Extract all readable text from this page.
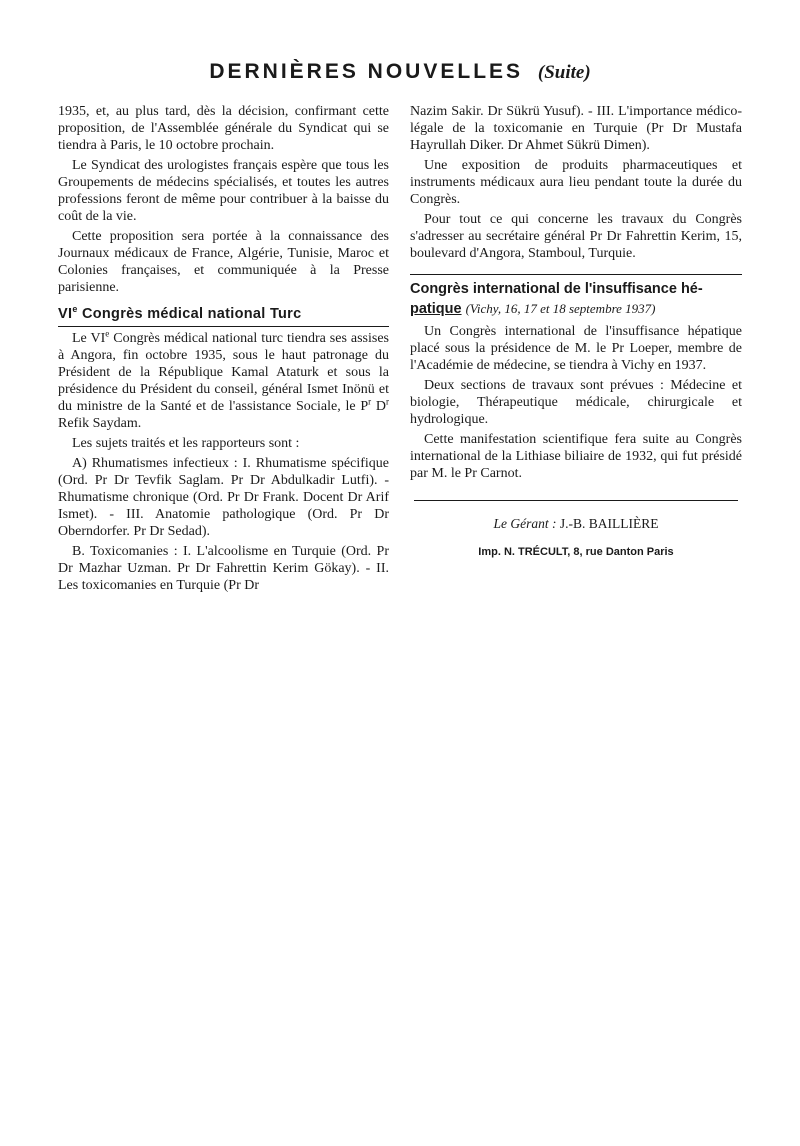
DERNIÈRES NOUVELLES (Suite)

1935, et, au plus tard, dès la décision, confirmant cette proposition, de l'Assemblée générale du Syndicat qui se tiendra à Paris, le 10 octobre prochain.

Le Syndicat des urologistes français espère que tous les Groupements de médecins spécialisés, et toutes les autres professions feront de même pour contribuer à la baisse du coût de la vie.

Cette proposition sera portée à la connaissance des Journaux médicaux de France, Algérie, Tunisie, Maroc et Colonies françaises, et communiquée à la Presse parisienne.

VIe Congrès médical national Turc

Le VIe Congrès médical national turc tiendra ses assises à Angora, fin octobre 1935, sous le haut patronage du Président de la République Kamal Ataturk et sous la présidence du Président du conseil, général Ismet Inönü et du ministre de la Santé et de l'assistance Sociale, le $P^r$ $D^r$ Refik Saydam.

Les sujets traités et les rapporteurs sont :

A) Rhumatismes infectieux : I. Rhumatisme spécifique (Ord. Pr Dr Tevfik Saglam. Pr Dr Abdulkadir Lutfi). - Rhumatisme chronique (Ord. Pr Dr Frank. Docent Dr Arif Ismet). - III. Anatomie pathologique (Ord. Pr Dr Oberndorfer. Pr Dr Sedad).

B. Toxicomanies : I. L'alcoolisme en Turquie (Ord. Pr Dr Mazhar Uzman. Pr Dr Fahrettin Kerim Gökay). - II. Les toxicomanies en Turquie (Pr Dr

Nazim Sakir. Dr Sükrü Yusuf). - III. L'importance médico-légale de la toxicomanie en Turquie (Pr Dr Mustafa Hayrullah Diker. Dr Ahmet Sükrü Dimen).

Une exposition de produits pharmaceutiques et instruments médicaux aura lieu pendant toute la durée du Congrès.

Pour tout ce qui concerne les travaux du Congrès s'adresser au secrétaire général Pr Dr Fahrettin Kerim, 15, boulevard d'Angora, Stamboul, Turquie.

Congrès international de l'insuffisance hé-
patique (Vichy, 16, 17 et 18 septembre 1937)

Un Congrès international de l'insuffisance hépatique placé sous la présidence de M. le Pr Loeper, membre de l'Académie de médecine, se tiendra à Vichy en 1937.

Deux sections de travaux sont prévues : Médecine et biologie, Thérapeutique médicale, chirurgicale et hydrologique.

Cette manifestation scientifique fera suite au Congrès international de la Lithiase biliaire de 1932, qui fut présidé par M. le Pr Carnot.

Le Gérant : J.-B. BAILLIÈRE
Imp. N. TRÉCULT, 8, rue Danton Paris
